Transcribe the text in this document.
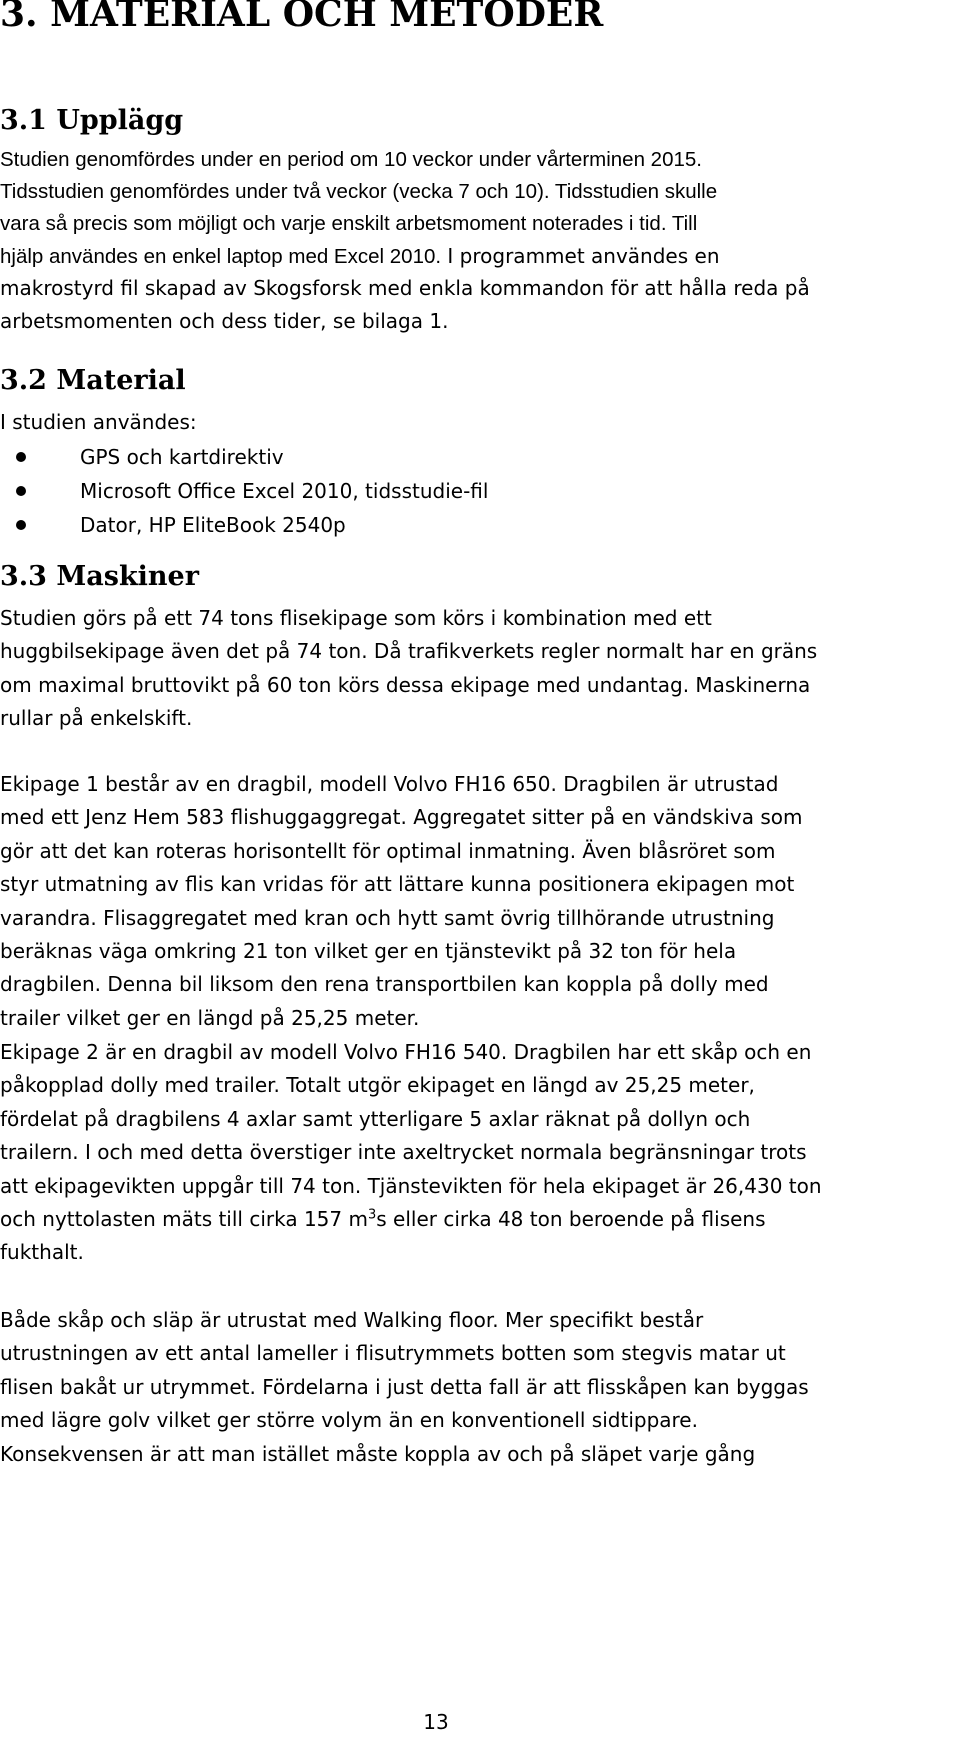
3. MATERIAL OCH METODER
3.1 Upplägg
Studien genomfördes under en period om 10 veckor under vårterminen 2015.
Tidsstudien genomfördes under två veckor (vecka 7 och 10). Tidsstudien skulle
vara så precis som möjligt och varje enskilt arbetsmoment noterades i tid. Till
hjälp användes en enkel laptop med Excel 2010. I programmet användes en
makrostyrd fil skapad av Skogsforsk med enkla kommandon för att hålla reda på
arbetsmomenten och dess tider, se bilaga 1.
3.2 Material

I studien användes:

GPS och kartdirektiv
Microsoft Office Excel 2010, tidsstudie-fil
Dator, HP EliteBook 2540p
3.3 Maskiner
Studien görs på ett 74 tons flisekipage som körs i kombination med ett
huggbilsekipage även det på 74 ton. Då trafikverkets regler normalt har en gräns
om maximal bruttovikt på 60 ton körs dessa ekipage med undantag. Maskinerna
rullar på enkelskift.
Ekipage 1 består av en dragbil, modell Volvo FH16 650. Dragbilen är utrustad
med ett Jenz Hem 583 flishuggaggregat. Aggregatet sitter på en vändskiva som
gör att det kan roteras horisontellt för optimal inmatning. Även blåsröret som
styr utmatning av flis kan vridas för att lättare kunna positionera ekipagen mot
varandra. Flisaggregatet med kran och hytt samt övrig tillhörande utrustning
beräknas väga omkring 21 ton vilket ger en tjänstevikt på 32 ton för hela
dragbilen. Denna bil liksom den rena transportbilen kan koppla på dolly med
trailer vilket ger en längd på 25,25 meter.
Ekipage 2 är en dragbil av modell Volvo FH16 540. Dragbilen har ett skåp och en
påkopplad dolly med trailer. Totalt utgör ekipaget en längd av 25,25 meter,
fördelat på dragbilens 4 axlar samt ytterligare 5 axlar räknat på dollyn och
trailern. I och med detta överstiger inte axeltrycket normala begränsningar trots
att ekipagevikten uppgår till 74 ton. Tjänstevikten för hela ekipaget är 26,430 ton
och nyttolasten mäts till cirka 157 $m^3s$ eller cirka 48 ton beroende på flisens
fukthalt.
Både skåp och släp är utrustat med Walking floor. Mer specifikt består
utrustningen av ett antal lameller i flisutrymmets botten som stegvis matar ut
flisen bakåt ur utrymmet. Fördelarna i just detta fall är att flisskåpen kan byggas
med lägre golv vilket ger större volym än en konventionell sidtippare.
Konsekvensen är att man istället måste koppla av och på släpet varje gång
13
